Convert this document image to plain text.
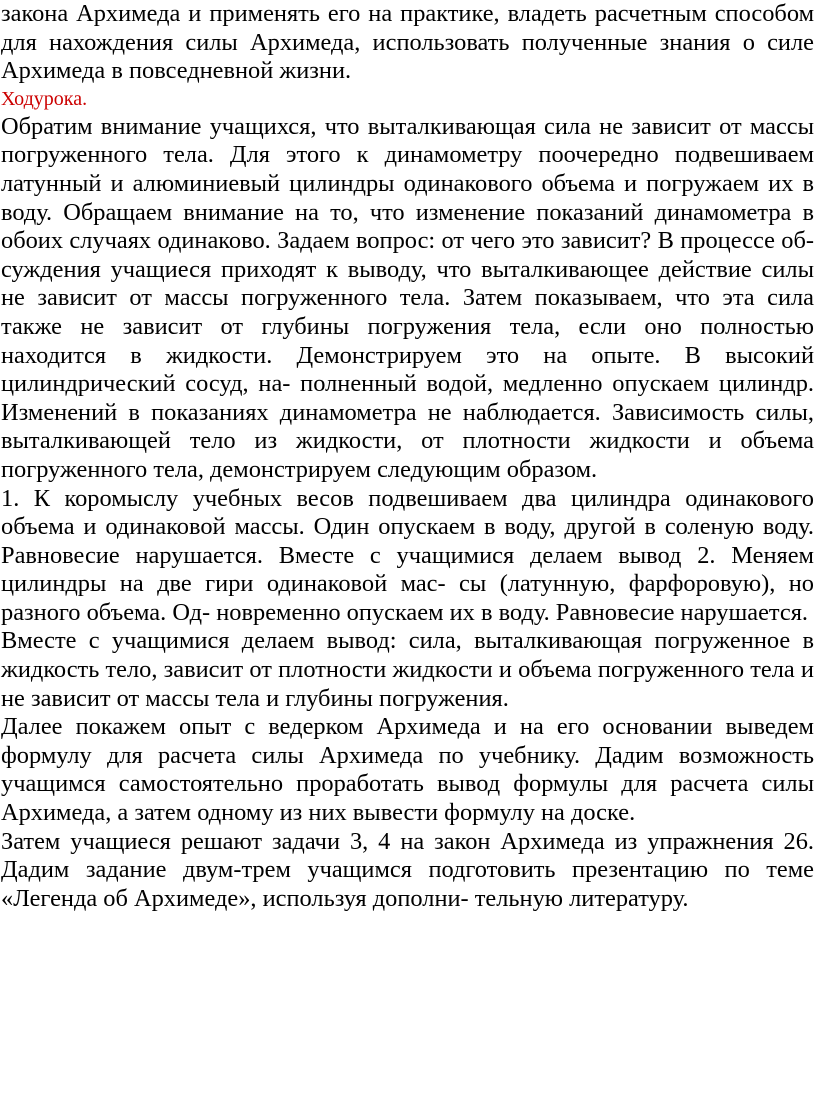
закона Архимеда и применять его на практике, владеть расчетным способом для нахождения силы Архимеда, использовать полученные знания о силе Архимеда в повседневной жизни.

Ходурока.

Обратим внимание учащихся, что выталкивающая сила не зависит от массы погруженного тела. Для этого к динамометру поочередно подвешиваем латунный и алюминиевый цилиндры одинакового объема и погружаем их в воду. Обращаем внимание на то, что изменение показаний динамометра в обоих случаях одинаково. Задаем вопрос: от чего это зависит? В процессе об- суждения учащиеся приходят к выводу, что выталкивающее действие силы не зависит от массы погруженного тела. Затем показываем, что эта сила также не зависит от глубины погружения тела, если оно полностью находится в жидкости. Демонстрируем это на опыте. В высокий цилиндрический сосуд, на- полненный водой, медленно опускаем цилиндр. Изменений в показаниях динамометра не наблюдается. Зависимость силы, выталкивающей тело из жидкости, от плотности жидкости и объема погруженного тела, демонстрируем следующим образом.

1. К коромыслу учебных весов подвешиваем два цилиндра одинакового объема и одинаковой массы. Один опускаем в воду, другой в соленую воду. Равновесие нарушается. Вместе с учащимися делаем вывод 2. Меняем цилиндры на две гири одинаковой мас- сы (латунную, фарфоровую), но разного объема. Од- новременно опускаем их в воду. Равновесие нарушается.

Вместе с учащимися делаем вывод: сила, выталкивающая погруженное в жидкость тело, зависит от плотности жидкости и объема погруженного тела и не зависит от массы тела и глубины погружения.

Далее покажем опыт с ведерком Архимеда и на его основании выведем формулу для расчета силы Архимеда по учебнику. Дадим возможность учащимся самостоятельно проработать вывод формулы для расчета силы Архимеда, а затем одному из них вывести формулу на доске.

Затем учащиеся решают задачи 3, 4 на закон Архимеда из упражнения 26. Дадим задание двум-трем учащимся подготовить презентацию по теме «Легенда об Архимеде», используя дополни- тельную литературу.
